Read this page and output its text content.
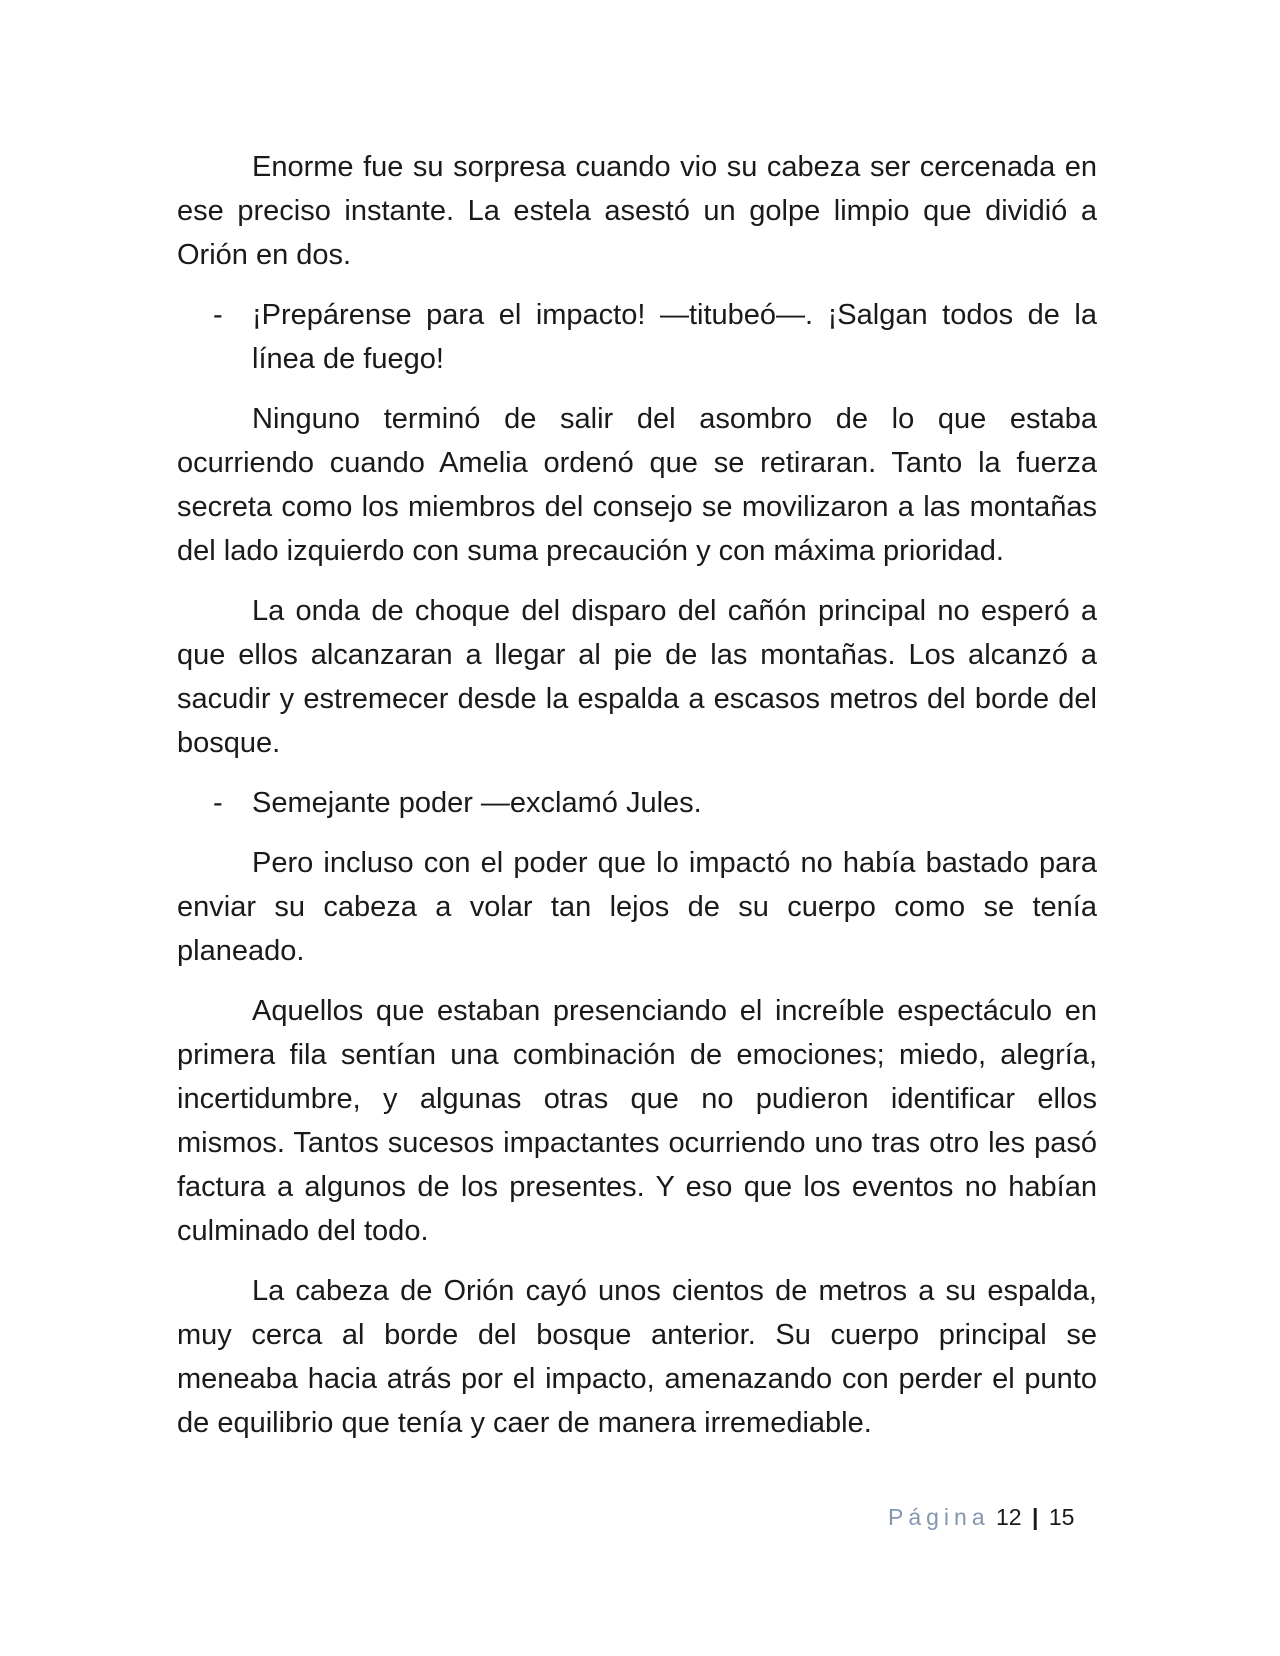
Enorme fue su sorpresa cuando vio su cabeza ser cercenada en ese preciso instante. La estela asestó un golpe limpio que dividió a Orión en dos.

-	¡Prepárense para el impacto! —titubeó—. ¡Salgan todos de la línea de fuego!

Ninguno terminó de salir del asombro de lo que estaba ocurriendo cuando Amelia ordenó que se retiraran. Tanto la fuerza secreta como los miembros del consejo se movilizaron a las montañas del lado izquierdo con suma precaución y con máxima prioridad.

La onda de choque del disparo del cañón principal no esperó a que ellos alcanzaran a llegar al pie de las montañas. Los alcanzó a sacudir y estremecer desde la espalda a escasos metros del borde del bosque.

-	Semejante poder —exclamó Jules.

Pero incluso con el poder que lo impactó no había bastado para enviar su cabeza a volar tan lejos de su cuerpo como se tenía planeado.

Aquellos que estaban presenciando el increíble espectáculo en primera fila sentían una combinación de emociones; miedo, alegría, incertidumbre, y algunas otras que no pudieron identificar ellos mismos. Tantos sucesos impactantes ocurriendo uno tras otro les pasó factura a algunos de los presentes. Y eso que los eventos no habían culminado del todo.

La cabeza de Orión cayó unos cientos de metros a su espalda, muy cerca al borde del bosque anterior. Su cuerpo principal se meneaba hacia atrás por el impacto, amenazando con perder el punto de equilibrio que tenía y caer de manera irremediable.

Página 12 | 15
